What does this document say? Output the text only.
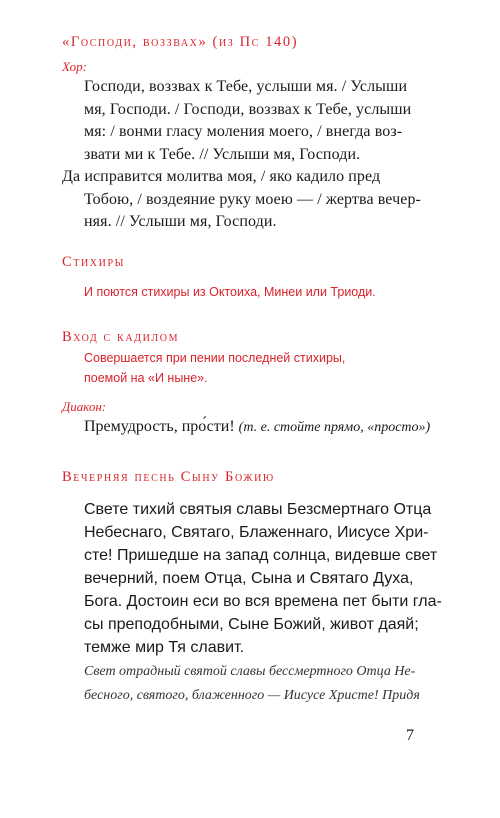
«Господи, воззвах» (из Пс 140)
Хор:
Господи, воззвах к Тебе, услыши мя. / Услыши
мя, Господи. / Господи, воззвах к Тебе, услыши
мя: / вонми гласу моления моего, / внегда воз-
звати ми к Тебе. // Услыши мя, Господи.
Да исправится молитва моя, / яко кадило пред
Тобою, / воздеяние руку моею — / жертва вечер-
няя. // Услыши мя, Господи.
Стихиры
И поются стихиры из Октоиха, Минеи или Триоди.
Вход с кадилом
Совершается при пении последней стихиры,
поемой на «И ныне».
Диакон:
Премудрость, про́сти! (т. е. стойте прямо, «просто»)
Вечерняя песнь Сыну Божию
Свете тихий святыя славы Безсмертнаго Отца
Небеснаго, Святаго, Блаженнаго, Иисусе Хри-
сте! Пришедше на запад солнца, видевше свет
вечерний, поем Отца, Сына и Святаго Духа,
Бога. Достоин еси во вся времена пет быти гла-
сы преподобными, Сыне Божий, живот даяй;
темже мир Тя славит.
Свет отрадный святой славы бессмертного Отца Не-
бесного, святого, блаженного — Иисусе Христе! Придя
7
